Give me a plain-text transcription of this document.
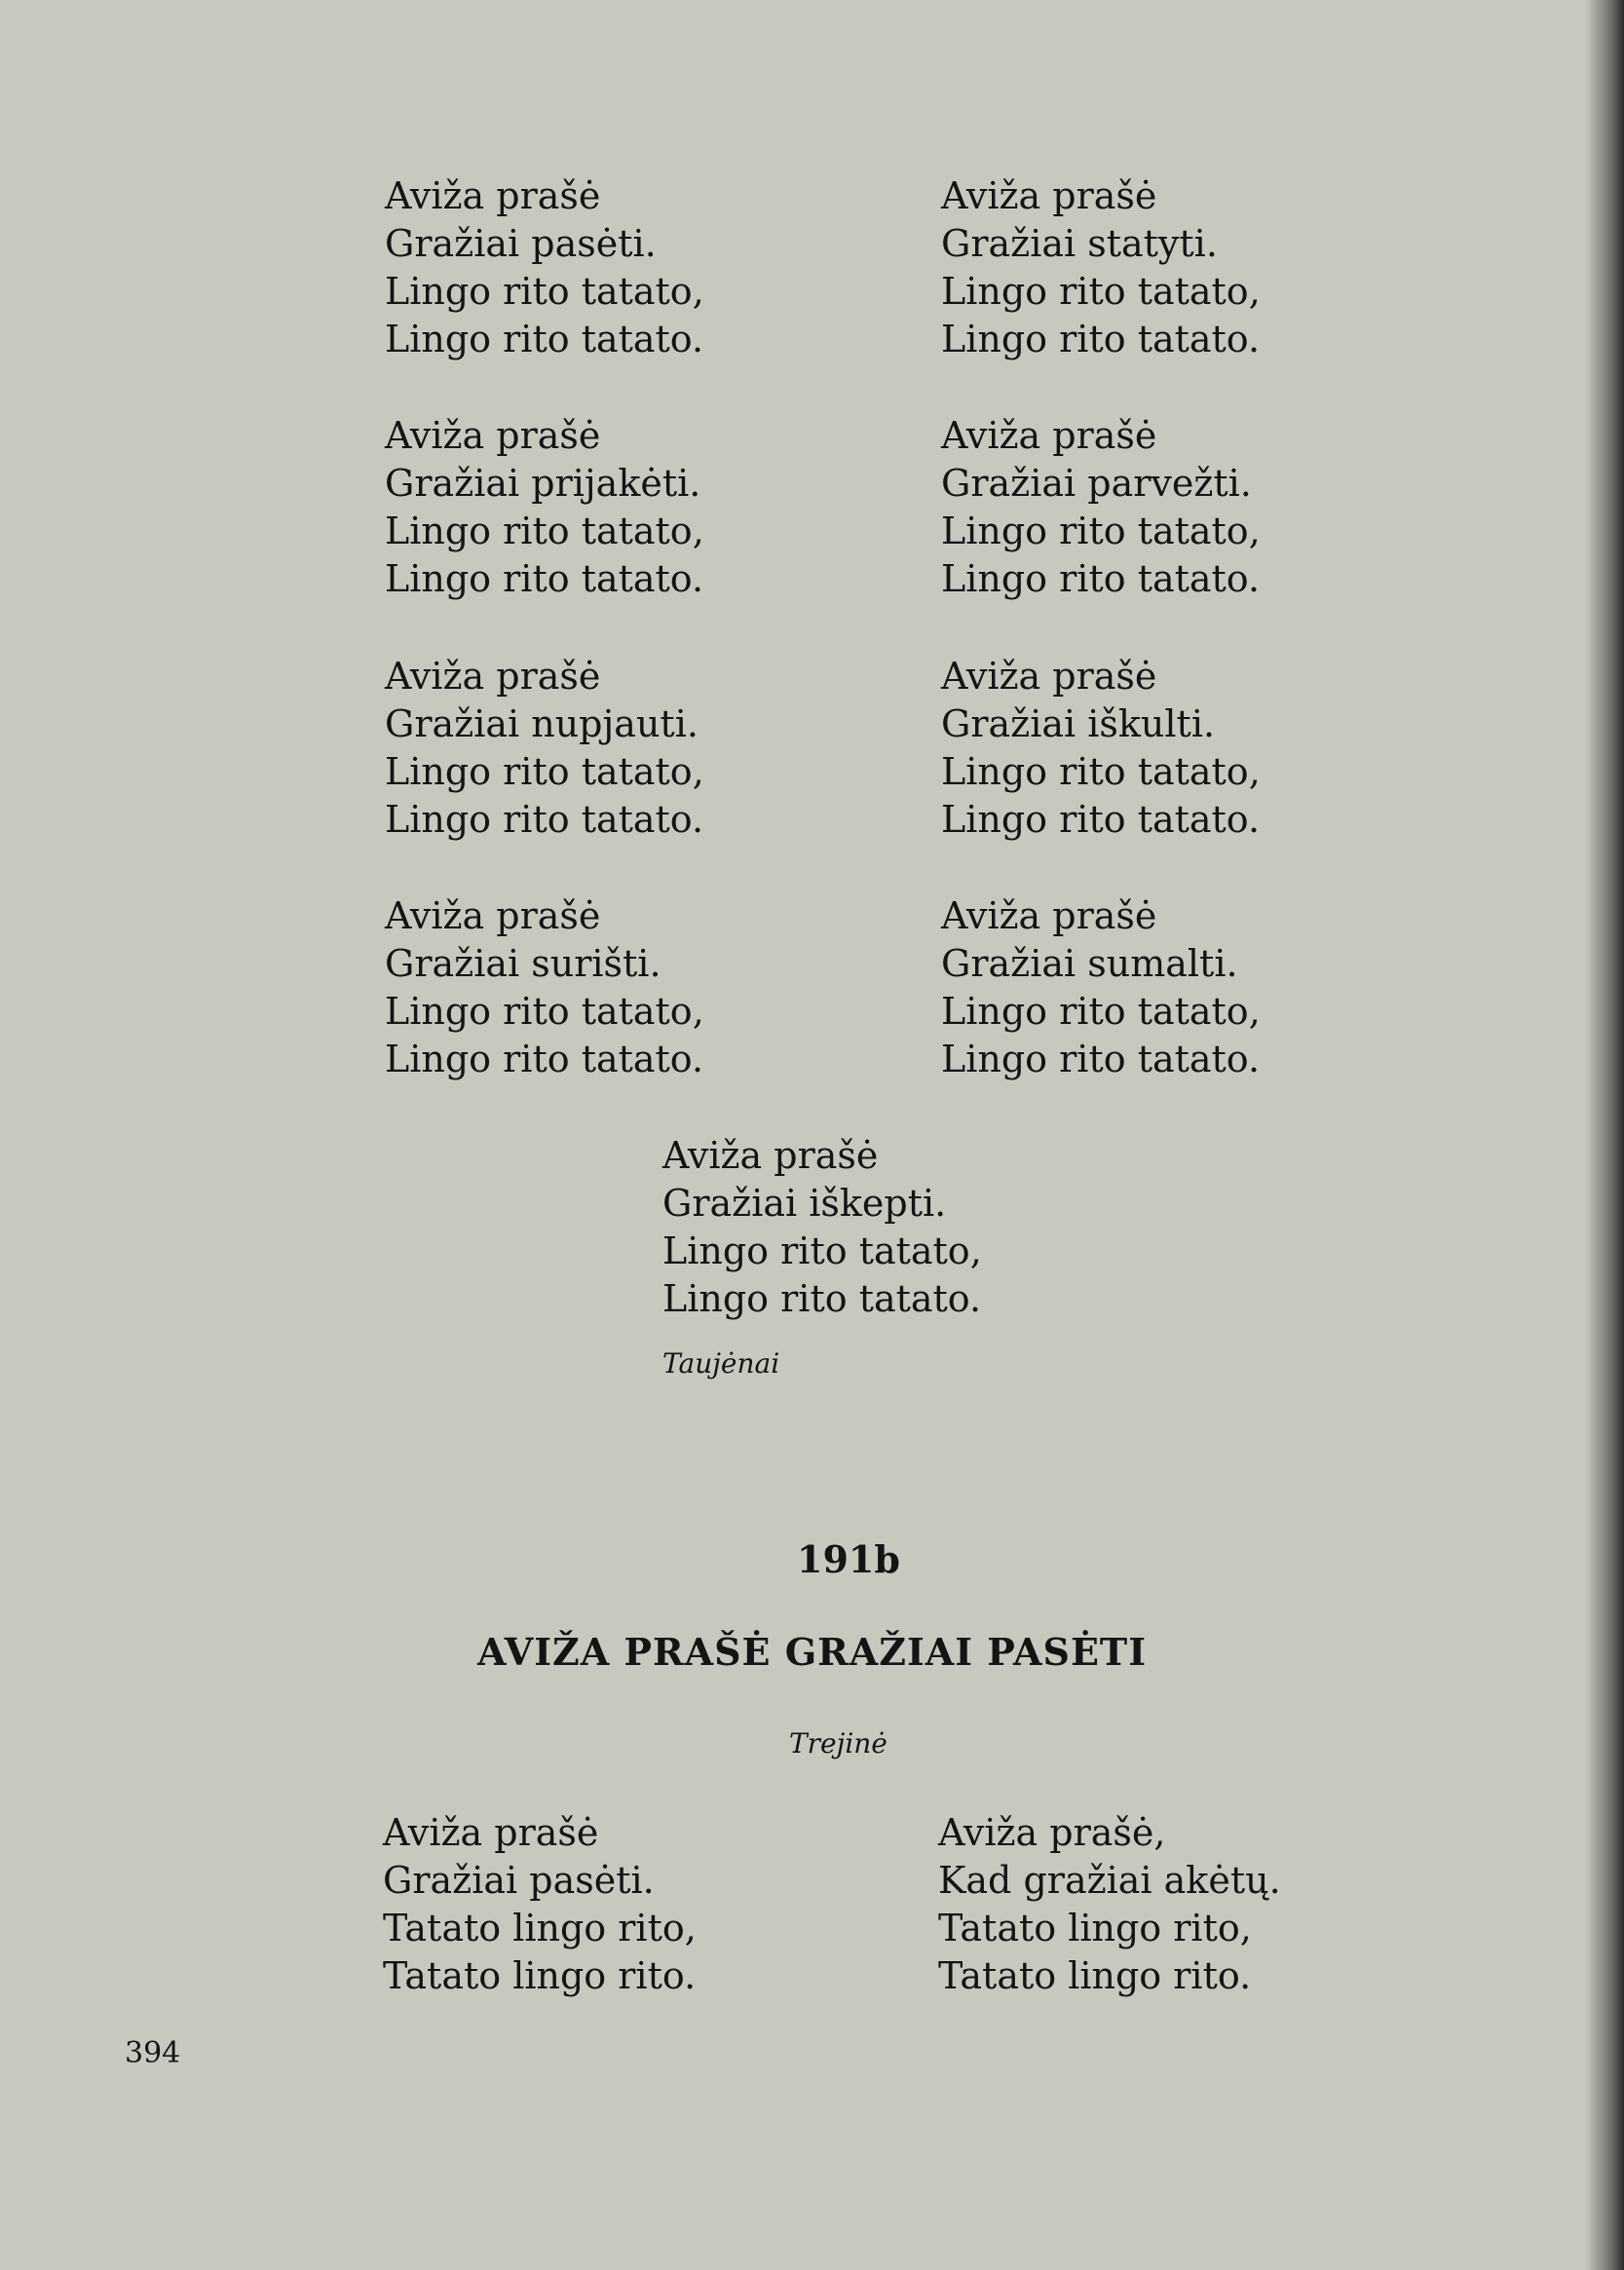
Aviža prašė
Gražiai pasėti.
Lingo rito tatato,
Lingo rito tatato.
Aviža prašė
Gražiai statyti.
Lingo rito tatato,
Lingo rito tatato.
Aviža prašė
Gražiai prijakėti.
Lingo rito tatato,
Lingo rito tatato.
Aviža prašė
Gražiai parvežti.
Lingo rito tatato,
Lingo rito tatato.
Aviža prašė
Gražiai nupjauti.
Lingo rito tatato,
Lingo rito tatato.
Aviža prašė
Gražiai iškulti.
Lingo rito tatato,
Lingo rito tatato.
Aviža prašė
Gražiai surišti.
Lingo rito tatato,
Lingo rito tatato.
Aviža prašė
Gražiai sumalti.
Lingo rito tatato,
Lingo rito tatato.
Aviža prašė
Gražiai iškepti.
Lingo rito tatato,
Lingo rito tatato.
Taujėnai
191b
AVIŽA PRAŠĖ GRAŽIAI PASĖTI
Trejinė
Aviža prašė
Gražiai pasėti.
Tatato lingo rito,
Tatato lingo rito.
Aviža prašė,
Kad gražiai akėtų.
Tatato lingo rito,
Tatato lingo rito.
394
